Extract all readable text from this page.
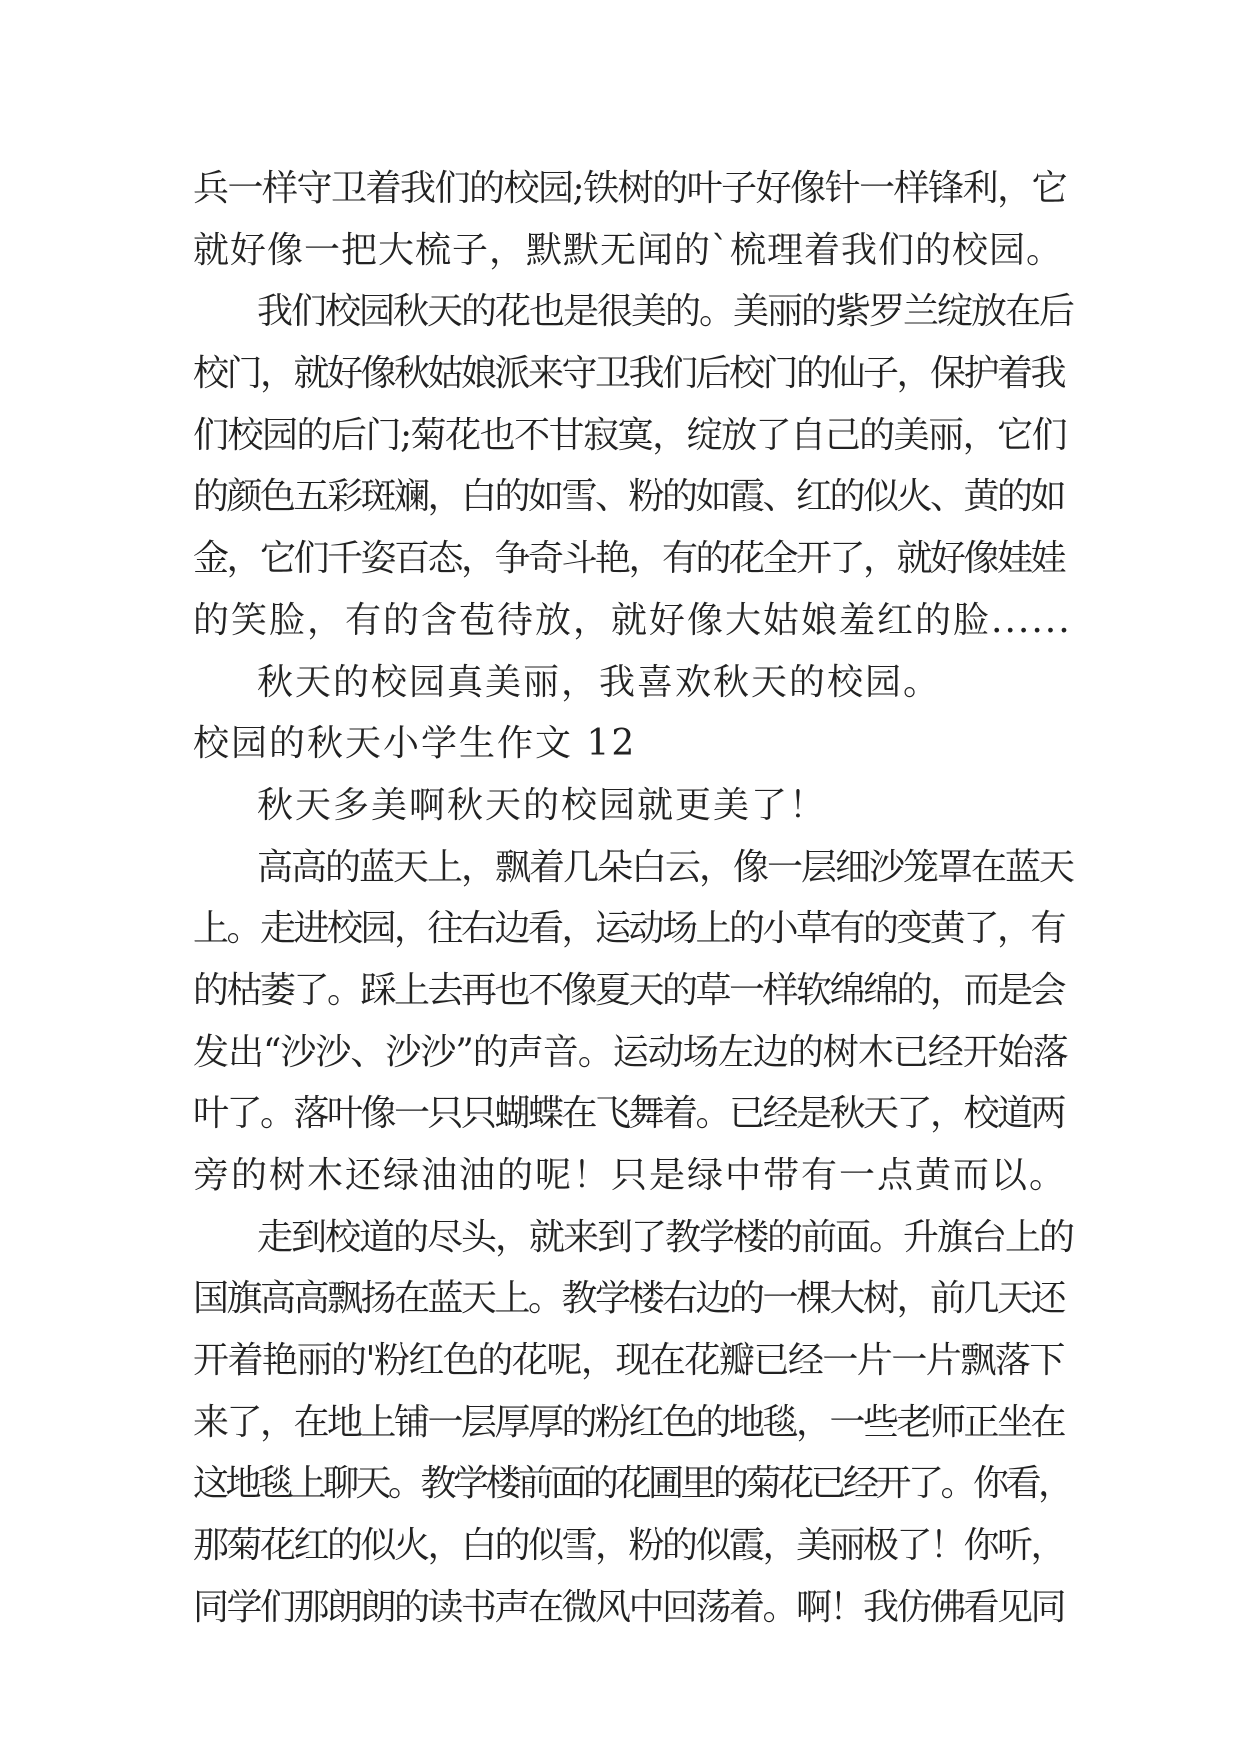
兵一样守卫着我们的校园;铁树的叶子好像针一样锋利，它
就好像一把大梳子，默默无闻的`梳理着我们的校园。
我们校园秋天的花也是很美的。美丽的紫罗兰绽放在后
校门，就好像秋姑娘派来守卫我们后校门的仙子，保护着我
们校园的后门;菊花也不甘寂寞，绽放了自己的美丽，它们
的颜色五彩斑斓，白的如雪、粉的如霞、红的似火、黄的如
金，它们千姿百态，争奇斗艳，有的花全开了，就好像娃娃
的笑脸，有的含苞待放，就好像大姑娘羞红的脸......
秋天的校园真美丽，我喜欢秋天的校园。
校园的秋天小学生作文 12
秋天多美啊秋天的校园就更美了！
高高的蓝天上，飘着几朵白云，像一层细沙笼罩在蓝天
上。走进校园，往右边看，运动场上的小草有的变黄了，有
的枯萎了。踩上去再也不像夏天的草一样软绵绵的，而是会
发出“沙沙、沙沙”的声音。运动场左边的树木已经开始落
叶了。落叶像一只只蝴蝶在飞舞着。已经是秋天了，校道两
旁的树木还绿油油的呢！只是绿中带有一点黄而以。
走到校道的尽头，就来到了教学楼的前面。升旗台上的
国旗高高飘扬在蓝天上。教学楼右边的一棵大树，前几天还
开着艳丽的'粉红色的花呢，现在花瓣已经一片一片飘落下
来了，在地上铺一层厚厚的粉红色的地毯，一些老师正坐在
这地毯上聊天。教学楼前面的花圃里的菊花已经开了。你看，
那菊花红的似火，白的似雪，粉的似霞，美丽极了！你听，
同学们那朗朗的读书声在微风中回荡着。啊！我仿佛看见同
